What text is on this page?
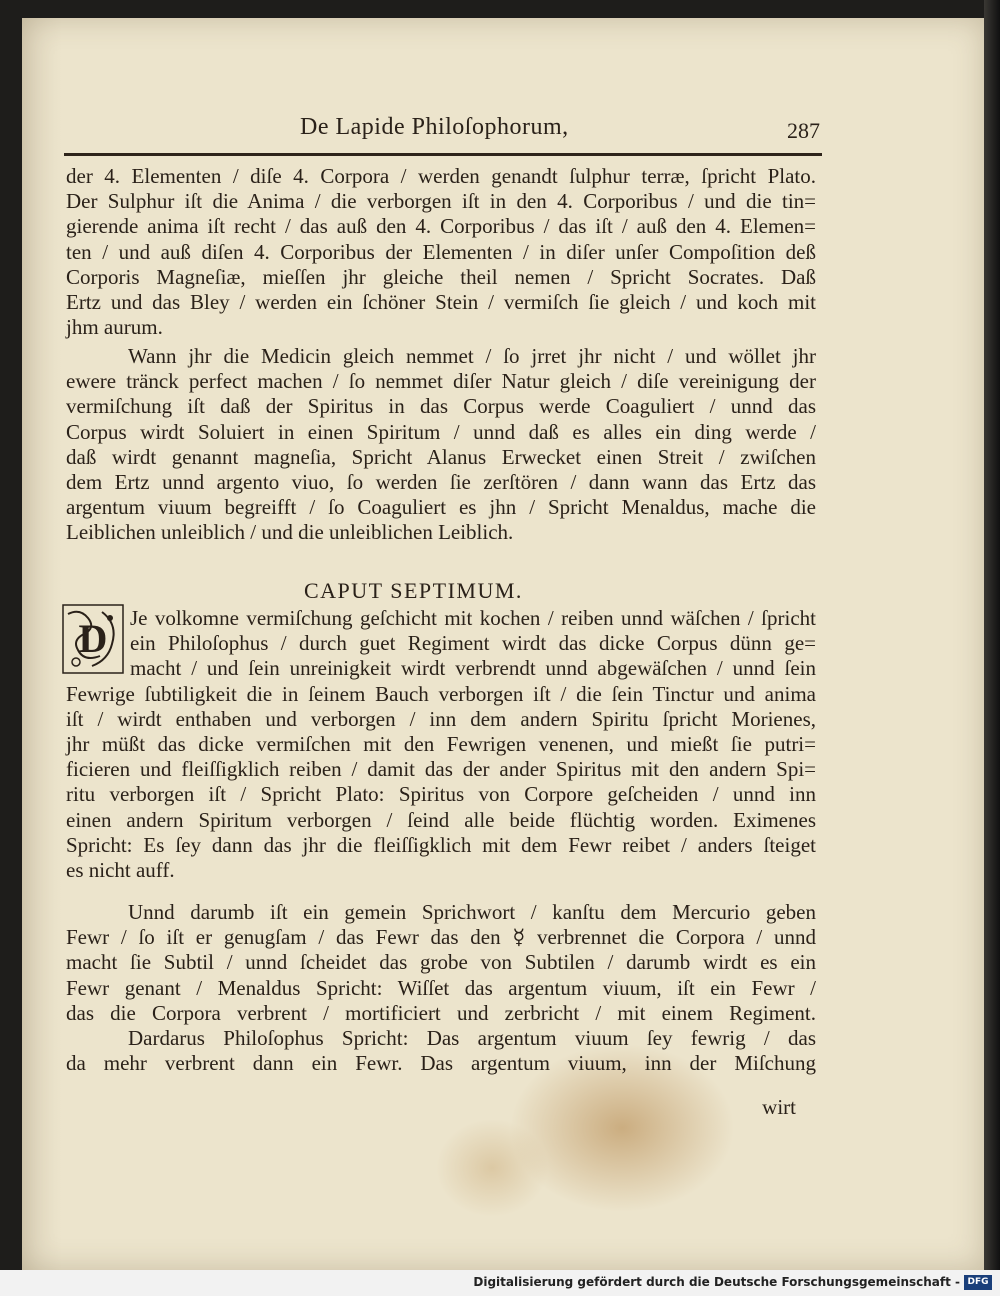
De Lapide Philoſophorum,	287
der 4. Elementen / diſe 4. Corpora / werden genandt ſulphur terræ, ſpricht Plato.
Der Sulphur iſt die Anima / die verborgen iſt in den 4. Corporibus / und die tin=
gierende anima iſt recht / das auß den 4. Corporibus / das iſt / auß den 4. Elemen=
ten / und auß diſen 4. Corporibus der Elementen / in diſer unſer Compoſition deß
Corporis Magneſiæ, mieſſen jhr gleiche theil nemen / Spricht Socrates. Daß
Ertz und das Bley / werden ein ſchöner Stein / vermiſch ſie gleich / und koch mit
jhm aurum.
Wann jhr die Medicin gleich nemmet / ſo jrret jhr nicht / und wöllet jhr
ewere tränck perfect machen / ſo nemmet diſer Natur gleich / diſe vereinigung der
vermiſchung iſt daß der Spiritus in das Corpus werde Coaguliert / unnd das
Corpus wirdt Soluiert in einen Spiritum / unnd daß es alles ein ding werde /
daß wirdt genannt magneſia, Spricht Alanus Erwecket einen Streit / zwiſchen
dem Ertz unnd argento viuo, ſo werden ſie zerſtören / dann wann das Ertz das
argentum viuum begreifft / ſo Coaguliert es jhn / Spricht Menaldus, mache die
Leiblichen unleiblich / und die unleiblichen Leiblich.
CAPUT SEPTIMUM.
D	Je volkomne vermiſchung geſchicht mit kochen / reiben unnd wäſchen / ſpricht
ein Philoſophus / durch guet Regiment wirdt das dicke Corpus dünn ge=
macht / und ſein unreinigkeit wirdt verbrendt unnd abgewäſchen / unnd ſein
Fewrige ſubtiligkeit die in ſeinem Bauch verborgen iſt / die ſein Tinctur und anima
iſt / wirdt enthaben und verborgen / inn dem andern Spiritu ſpricht Morienes,
jhr müßt das dicke vermiſchen mit den Fewrigen venenen, und mießt ſie putri=
ficieren und fleiſſigklich reiben / damit das der ander Spiritus mit den andern Spi=
ritu verborgen iſt / Spricht Plato: Spiritus von Corpore geſcheiden / unnd inn
einen andern Spiritum verborgen / ſeind alle beide flüchtig worden. Eximenes
Spricht: Es ſey dann das jhr die fleiſſigklich mit dem Fewr reibet / anders ſteiget
es nicht auff.
Unnd darumb iſt ein gemein Sprichwort / kanſtu dem Mercurio geben
Fewr / ſo iſt er genugſam / das Fewr das den ☿ verbrennet die Corpora / unnd
macht ſie Subtil / unnd ſcheidet das grobe von Subtilen / darumb wirdt es ein
Fewr genant / Menaldus Spricht: Wiſſet das argentum viuum, iſt ein Fewr /
das die Corpora verbrent / mortificiert und zerbricht / mit einem Regiment.
Dardarus Philoſophus Spricht: Das argentum viuum ſey fewrig / das
da mehr verbrent dann ein Fewr. Das argentum viuum, inn der Miſchung
wirt
Digitalisierung gefördert durch die Deutsche Forschungsgemeinschaft - DFG
